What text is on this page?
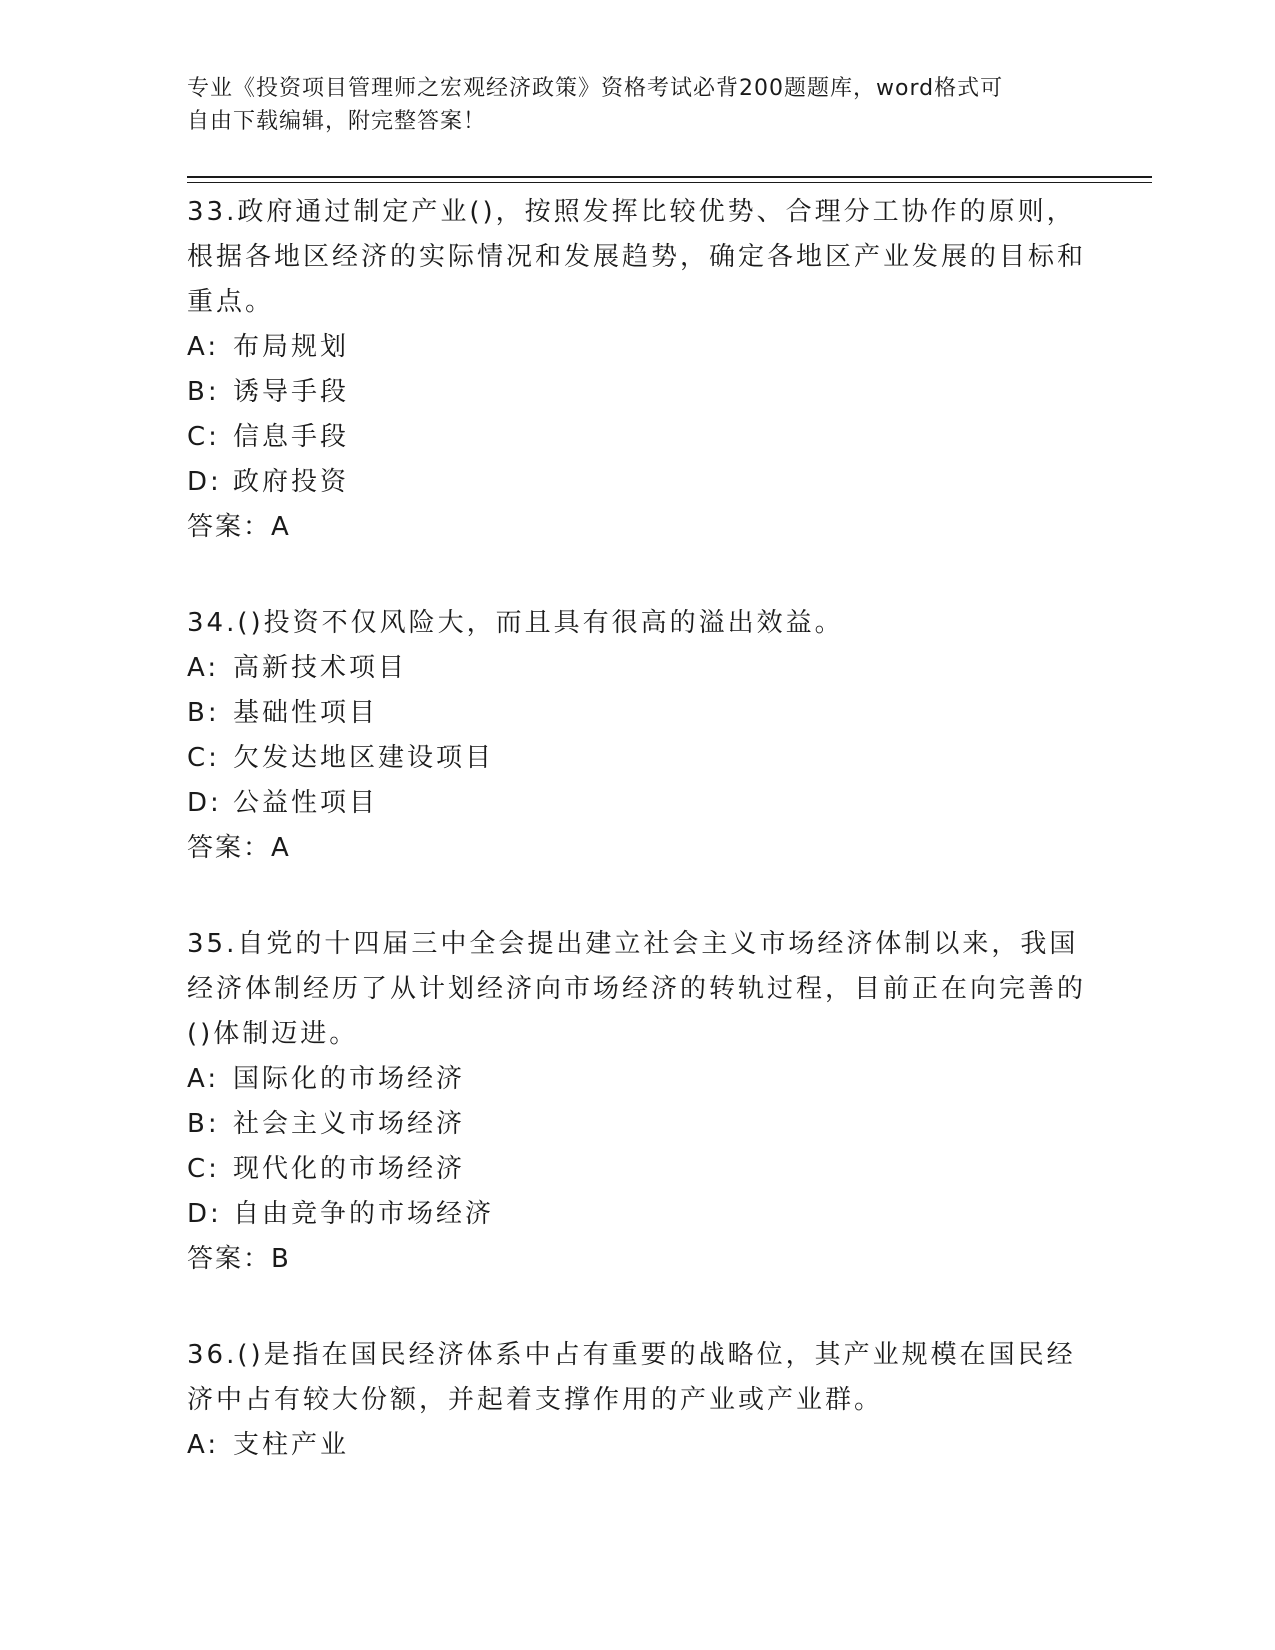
专业《投资项目管理师之宏观经济政策》资格考试必背200题题库，word格式可
自由下载编辑，附完整答案！

33.政府通过制定产业()，按照发挥比较优势、合理分工协作的原则，根据各地区经济的实际情况和发展趋势，确定各地区产业发展的目标和重点。

A: 布局规划

B: 诱导手段

C: 信息手段

D: 政府投资

答案：A

34.()投资不仅风险大，而且具有很高的溢出效益。

A: 高新技术项目

B: 基础性项目

C: 欠发达地区建设项目

D: 公益性项目

答案：A

35.自党的十四届三中全会提出建立社会主义市场经济体制以来，我国经济体制经历了从计划经济向市场经济的转轨过程，目前正在向完善的()体制迈进。

A: 国际化的市场经济

B: 社会主义市场经济

C: 现代化的市场经济

D: 自由竞争的市场经济

答案：B

36.()是指在国民经济体系中占有重要的战略位，其产业规模在国民经济中占有较大份额，并起着支撑作用的产业或产业群。

A: 支柱产业
